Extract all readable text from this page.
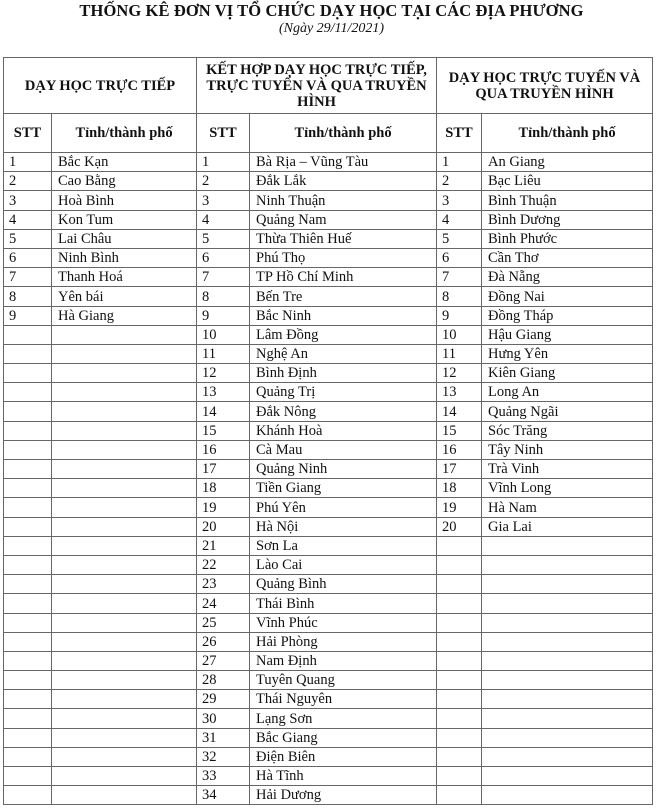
THỐNG KÊ ĐƠN VỊ TỔ CHỨC DẠY HỌC TẠI CÁC ĐỊA PHƯƠNG
(Ngày 29/11/2021)
DẠY HỌC TRỰC TIẾP		KẾT HỢP DẠY HỌC TRỰC TIẾP, TRỰC TUYẾN VÀ QUA TRUYỀN HÌNH		DẠY HỌC TRỰC TUYẾN VÀ QUA TRUYỀN HÌNH	
STT	Tỉnh/thành phố	STT	Tỉnh/thành phố	STT	Tỉnh/thành phố
1	Bắc Kạn	1	Bà Rịa – Vũng Tàu	1	An Giang
2	Cao Bằng	2	Đắk Lắk	2	Bạc Liêu
3	Hoà Bình	3	Ninh Thuận	3	Bình Thuận
4	Kon Tum	4	Quảng Nam	4	Bình Dương
5	Lai Châu	5	Thừa Thiên Huế	5	Bình Phước
6	Ninh Bình	6	Phú Thọ	6	Cần Thơ
7	Thanh Hoá	7	TP Hồ Chí Minh	7	Đà Nẵng
8	Yên bái	8	Bến Tre	8	Đồng Nai
9	Hà Giang	9	Bắc Ninh	9	Đồng Tháp
		10	Lâm Đồng	10	Hậu Giang
		11	Nghệ An	11	Hưng Yên
		12	Bình Định	12	Kiên Giang
		13	Quảng Trị	13	Long An
		14	Đắk Nông	14	Quảng Ngãi
		15	Khánh Hoà	15	Sóc Trăng
		16	Cà Mau	16	Tây Ninh
		17	Quảng Ninh	17	Trà Vinh
		18	Tiền Giang	18	Vĩnh Long
		19	Phú Yên	19	Hà Nam
		20	Hà Nội	20	Gia Lai
		21	Sơn La		
		22	Lào Cai		
		23	Quảng Bình		
		24	Thái Bình		
		25	Vĩnh Phúc		
		26	Hải Phòng		
		27	Nam Định		
		28	Tuyên Quang		
		29	Thái Nguyên		
		30	Lạng Sơn		
		31	Bắc Giang		
		32	Điện Biên		
		33	Hà Tĩnh		
		34	Hải Dương		
